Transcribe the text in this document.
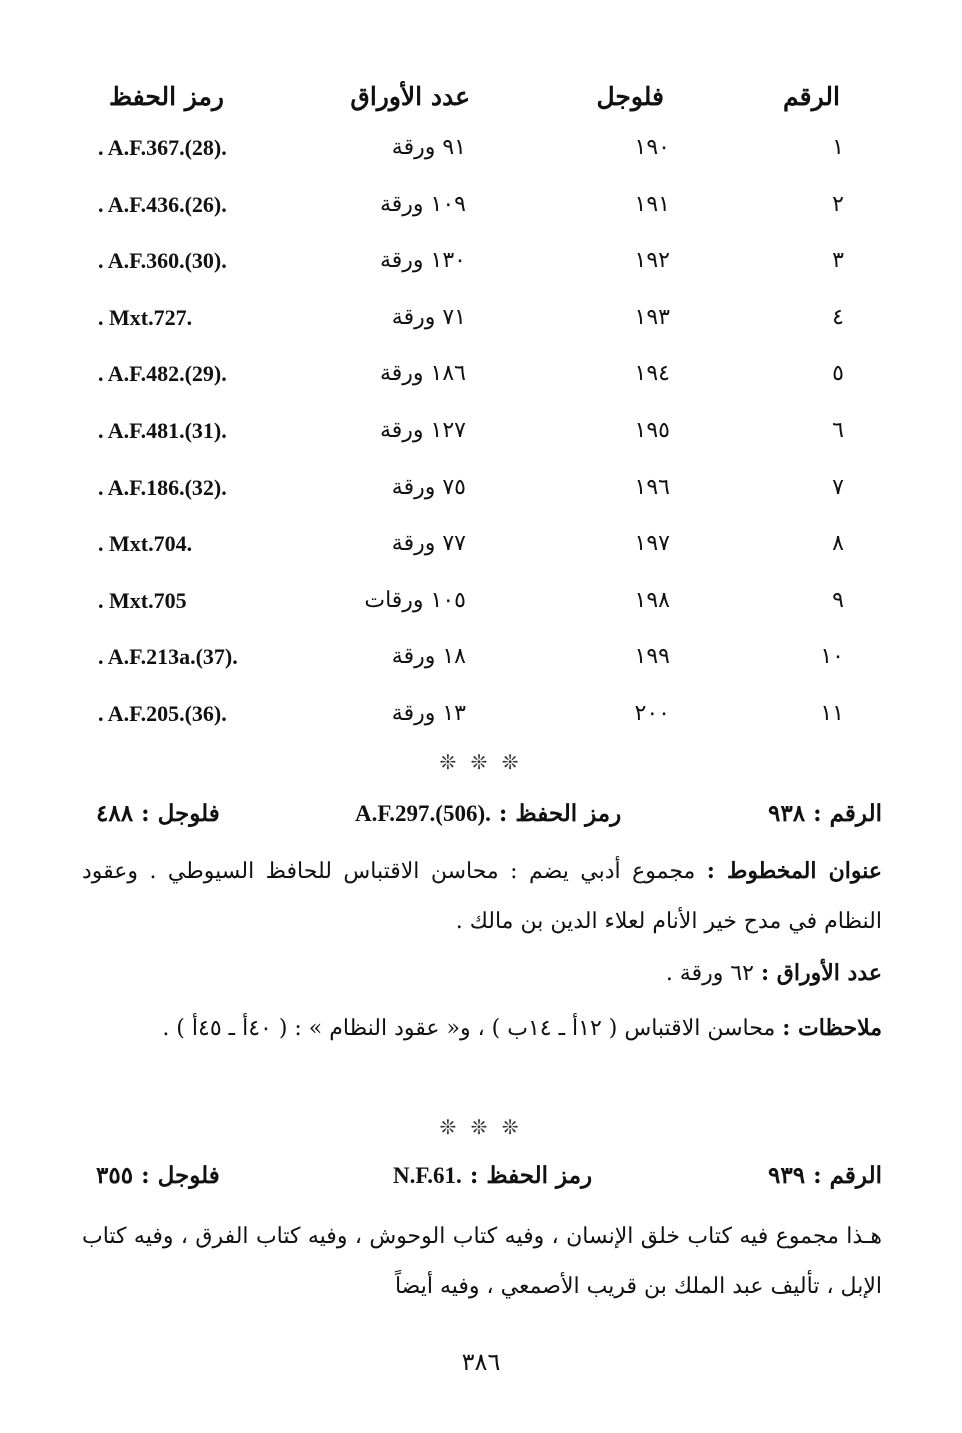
الرقم
فلوجل
عدد الأوراق
رمز الحفظ
١
١٩٠
٩١ ورقة
. A.F.367.(28).
٢
١٩١
١٠٩ ورقة
. A.F.436.(26).
٣
١٩٢
١٣٠ ورقة
. A.F.360.(30).
٤
١٩٣
٧١ ورقة
. Mxt.727.
٥
١٩٤
١٨٦ ورقة
. A.F.482.(29).
٦
١٩٥
١٢٧ ورقة
. A.F.481.(31).
٧
١٩٦
٧٥ ورقة
. A.F.186.(32).
٨
١٩٧
٧٧ ورقة
. Mxt.704.
٩
١٩٨
١٠٥ ورقات
. Mxt.705
١٠
١٩٩
١٨ ورقة
. A.F.213a.(37).
١١
٢٠٠
١٣ ورقة
. A.F.205.(36).
❊ ❊ ❊
الرقم : ٩٣٨
A.F.297.(506). رمز الحفظ :
فلوجل : ٤٨٨
عنوان المخطوط : مجموع أدبي يضم : محاسن الاقتباس للحافظ السيوطي . وعقود النظام في مدح خير الأنام لعلاء الدين بن مالك .
عدد الأوراق : ٦٢ ورقة .
ملاحظات : محاسن الاقتباس ( ١٢أ ـ ١٤ب ) ، و« عقود النظام » : ( ٤٠أ ـ ٤٥أ ) .
❊ ❊ ❊
الرقم : ٩٣٩
N.F.61. رمز الحفظ :
فلوجل : ٣٥٥
هـذا مجموع فيه كتاب خلق الإنسان ، وفيه كتاب الوحوش ، وفيه كتاب الفرق ، وفيه كتاب الإبل ، تأليف عبد الملك بن قريب الأصمعي ، وفيه أيضاً
٣٨٦
